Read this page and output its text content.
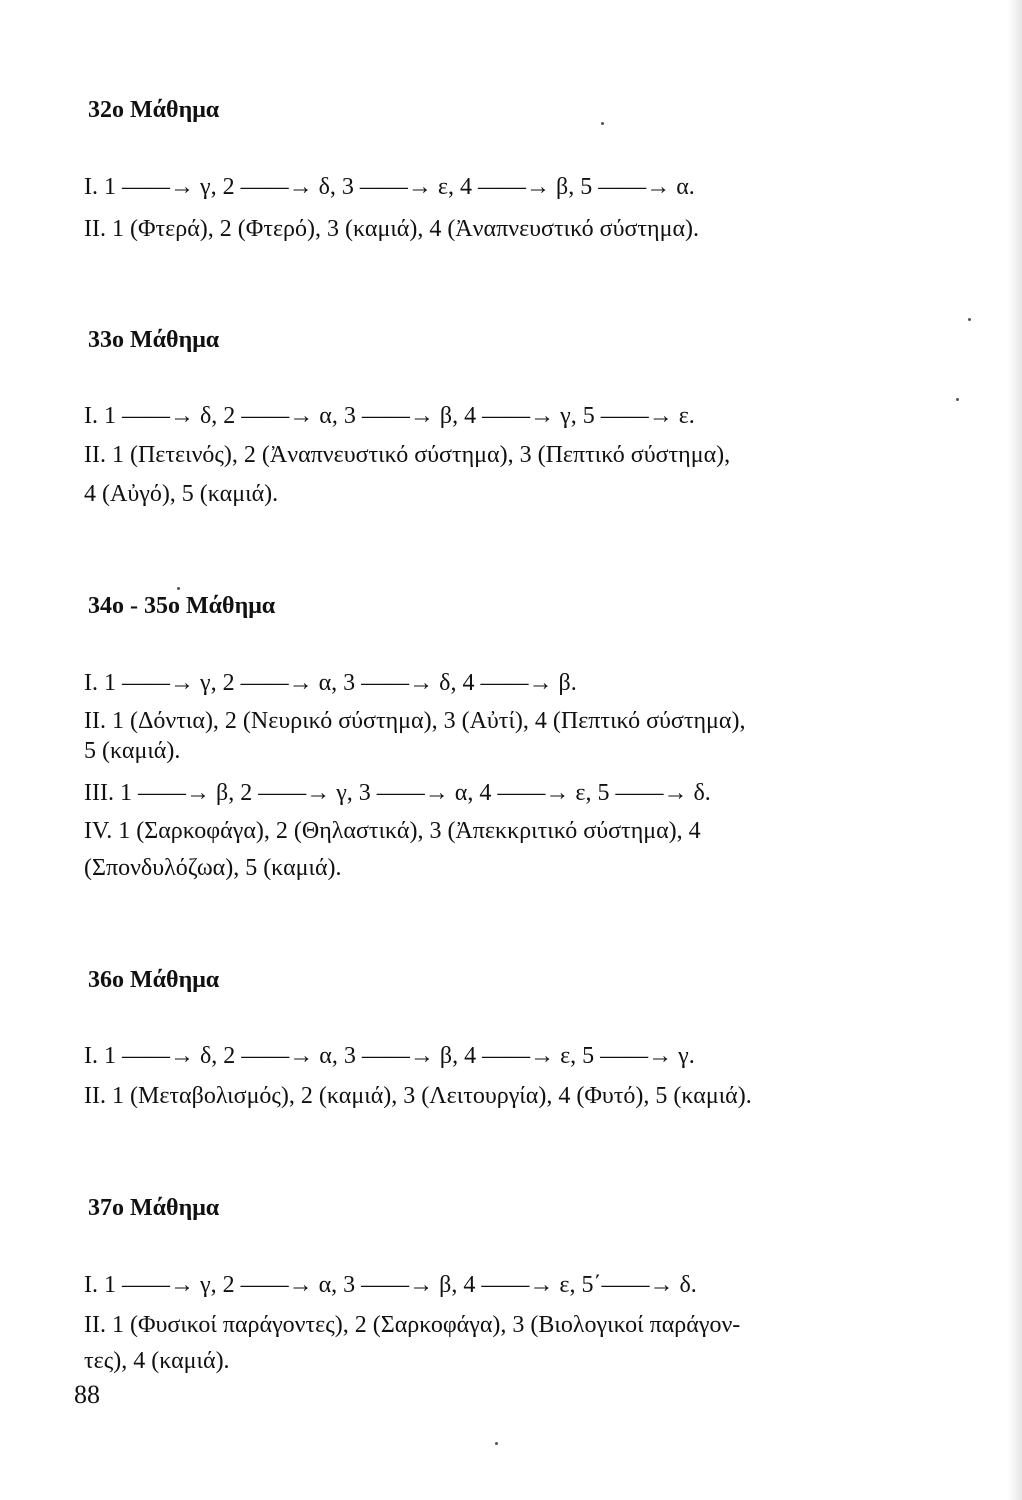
32ο Μάθημα

I. 1 ——→ γ, 2 ——→ δ, 3 ——→ ε, 4 ——→ β, 5 ——→ α.

II. 1 (Φτερά), 2 (Φτερό), 3 (καμιά), 4 (Ἀναπνευστικό σύστημα).

33ο Μάθημα

I. 1 ——→ δ, 2 ——→ α, 3 ——→ β, 4 ——→ γ, 5 ——→ ε.

II. 1 (Πετεινός), 2 (Ἀναπνευστικό σύστημα), 3 (Πεπτικό σύστημα),

4 (Αὐγό), 5 (καμιά).

34ο - 35ο Μάθημα

I. 1 ——→ γ, 2 ——→ α, 3 ——→ δ, 4 ——→ β.

II. 1 (Δόντια), 2 (Νευρικό σύστημα), 3 (Αὐτί), 4 (Πεπτικό σύστημα),

5 (καμιά).

III. 1 ——→ β, 2 ——→ γ, 3 ——→ α, 4 ——→ ε, 5 ——→ δ.

IV. 1 (Σαρκοφάγα), 2 (Θηλαστικά), 3 (Ἀπεκκριτικό σύστημα), 4

(Σπονδυλόζωα), 5 (καμιά).

36ο Μάθημα

I. 1 ——→ δ, 2 ——→ α, 3 ——→ β, 4 ——→ ε, 5 ——→ γ.

II. 1 (Μεταβολισμός), 2 (καμιά), 3 (Λειτουργία), 4 (Φυτό), 5 (καμιά).

37ο Μάθημα

I. 1 ——→ γ, 2 ——→ α, 3 ——→ β, 4 ——→ ε, 5΄——→ δ.

II. 1 (Φυσικοί παράγοντες), 2 (Σαρκοφάγα), 3 (Βιολογικοί παράγον-

τες), 4 (καμιά).

88
